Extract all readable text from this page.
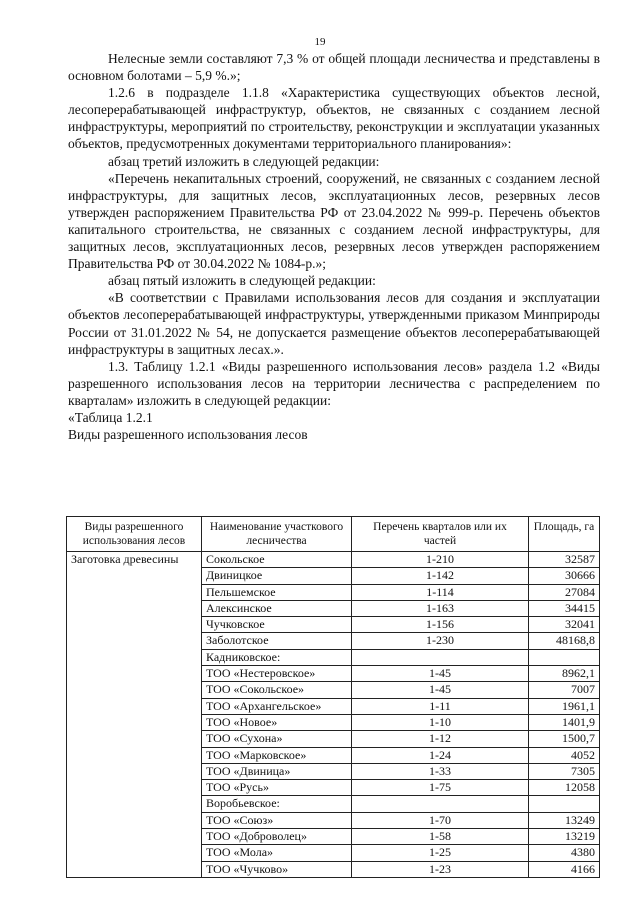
19

Нелесные земли составляют 7,3 % от общей площади лесничества и представлены в основном болотами – 5,9 %.»;

1.2.6 в подразделе 1.1.8 «Характеристика существующих объектов лесной, лесоперерабатывающей инфраструктур, объектов, не связанных с созданием лесной инфраструктуры, мероприятий по строительству, реконструкции и эксплуатации указанных объектов, предусмотренных документами территориального планирования»:

абзац третий изложить в следующей редакции:

«Перечень некапитальных строений, сооружений, не связанных с созданием лесной инфраструктуры, для защитных лесов, эксплуатационных лесов, резервных лесов утвержден распоряжением Правительства РФ от 23.04.2022 № 999-р. Перечень объектов капитального строительства, не связанных с созданием лесной инфраструктуры, для защитных лесов, эксплуатационных лесов, резервных лесов утвержден распоряжением Правительства РФ от 30.04.2022 № 1084-р.»;

абзац пятый изложить в следующей редакции:

«В соответствии с Правилами использования лесов для создания и эксплуатации объектов лесоперерабатывающей инфраструктуры, утвержденными приказом Минприроды России от 31.01.2022 № 54, не допускается размещение объектов лесоперерабатывающей инфраструктуры в защитных лесах.».

1.3. Таблицу 1.2.1 «Виды разрешенного использования лесов» раздела 1.2 «Виды разрешенного использования лесов на территории лесничества с распределением по кварталам» изложить в следующей редакции:

«Таблица 1.2.1

Виды разрешенного использования лесов

Виды разрешенного использования лесов	Наименование участкового лесничества	Перечень кварталов или их частей	Площадь, га
Заготовка древесины	Сокольское	1-210	32587
	Двиницкое	1-142	30666
	Пельшемское	1-114	27084
	Алексинское	1-163	34415
	Чучковское	1-156	32041
	Заболотское	1-230	48168,8
	Кадниковское:		
	ТОО «Нестеровское»	1-45	8962,1
	ТОО «Сокольское»	1-45	7007
	ТОО «Архангельское»	1-11	1961,1
	ТОО «Новое»	1-10	1401,9
	ТОО «Сухона»	1-12	1500,7
	ТОО «Марковское»	1-24	4052
	ТОО «Двиница»	1-33	7305
	ТОО «Русь»	1-75	12058
	Воробьевское:		
	ТОО «Союз»	1-70	13249
	ТОО «Доброволец»	1-58	13219
	ТОО «Мола»	1-25	4380
	ТОО «Чучково»	1-23	4166
